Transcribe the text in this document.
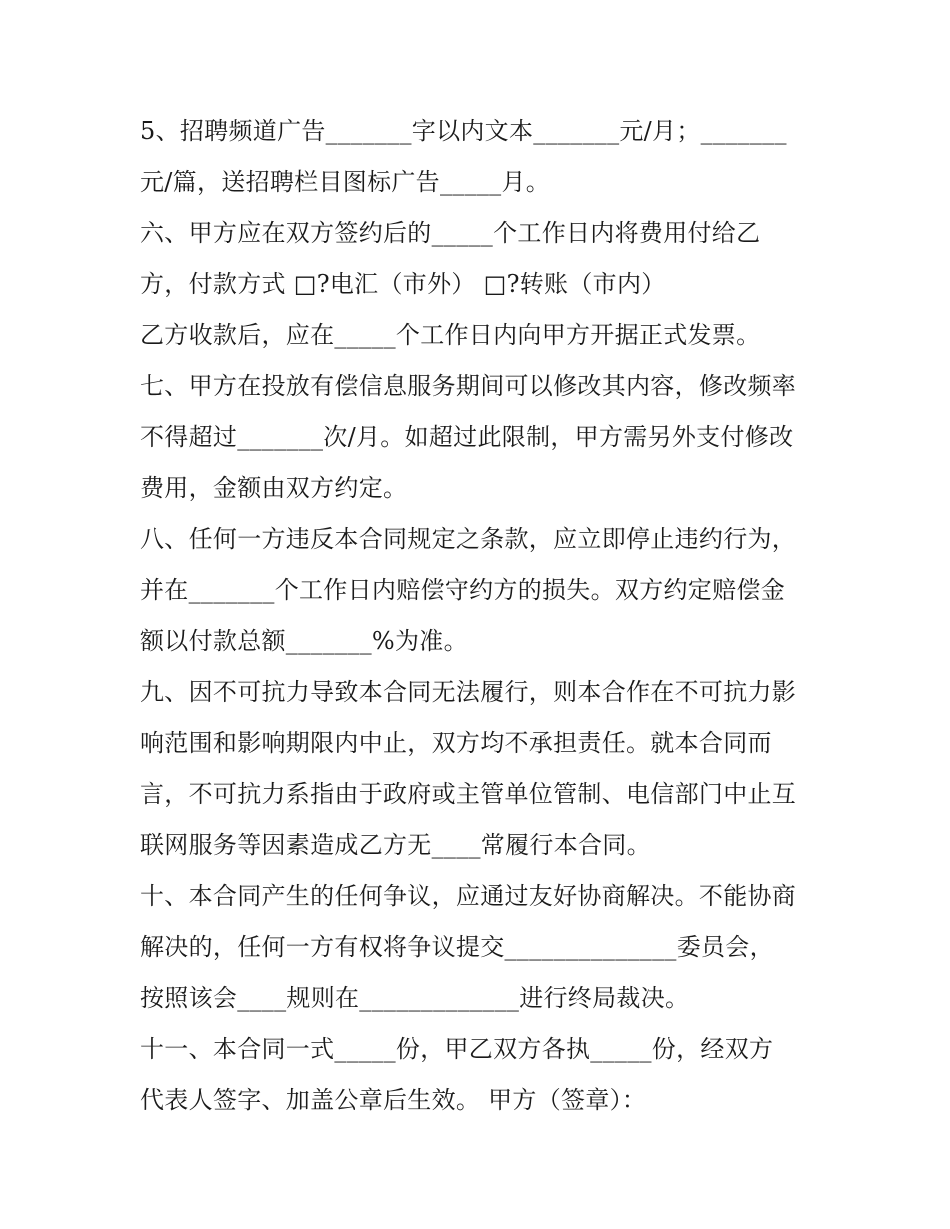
5、招聘频道广告_______字以内文本_______元/月；_______
元/篇，送招聘栏目图标广告_____月。
六、甲方应在双方签约后的_____个工作日内将费用付给乙
方，付款方式 □?电汇（市外） □?转账（市内）
乙方收款后，应在_____个工作日内向甲方开据正式发票。
七、甲方在投放有偿信息服务期间可以修改其内容，修改频率
不得超过_______次/月。如超过此限制，甲方需另外支付修改
费用，金额由双方约定。
八、任何一方违反本合同规定之条款，应立即停止违约行为，
并在_______个工作日内赔偿守约方的损失。双方约定赔偿金
额以付款总额_______%为准。
九、因不可抗力导致本合同无法履行，则本合作在不可抗力影
响范围和影响期限内中止，双方均不承担责任。就本合同而
言，不可抗力系指由于政府或主管单位管制、电信部门中止互
联网服务等因素造成乙方无____常履行本合同。
十、本合同产生的任何争议，应通过友好协商解决。不能协商
解决的，任何一方有权将争议提交______________委员会，
按照该会____规则在_____________进行终局裁决。
十一、本合同一式_____份，甲乙双方各执_____份，经双方
代表人签字、加盖公章后生效。 甲方（签章）：
